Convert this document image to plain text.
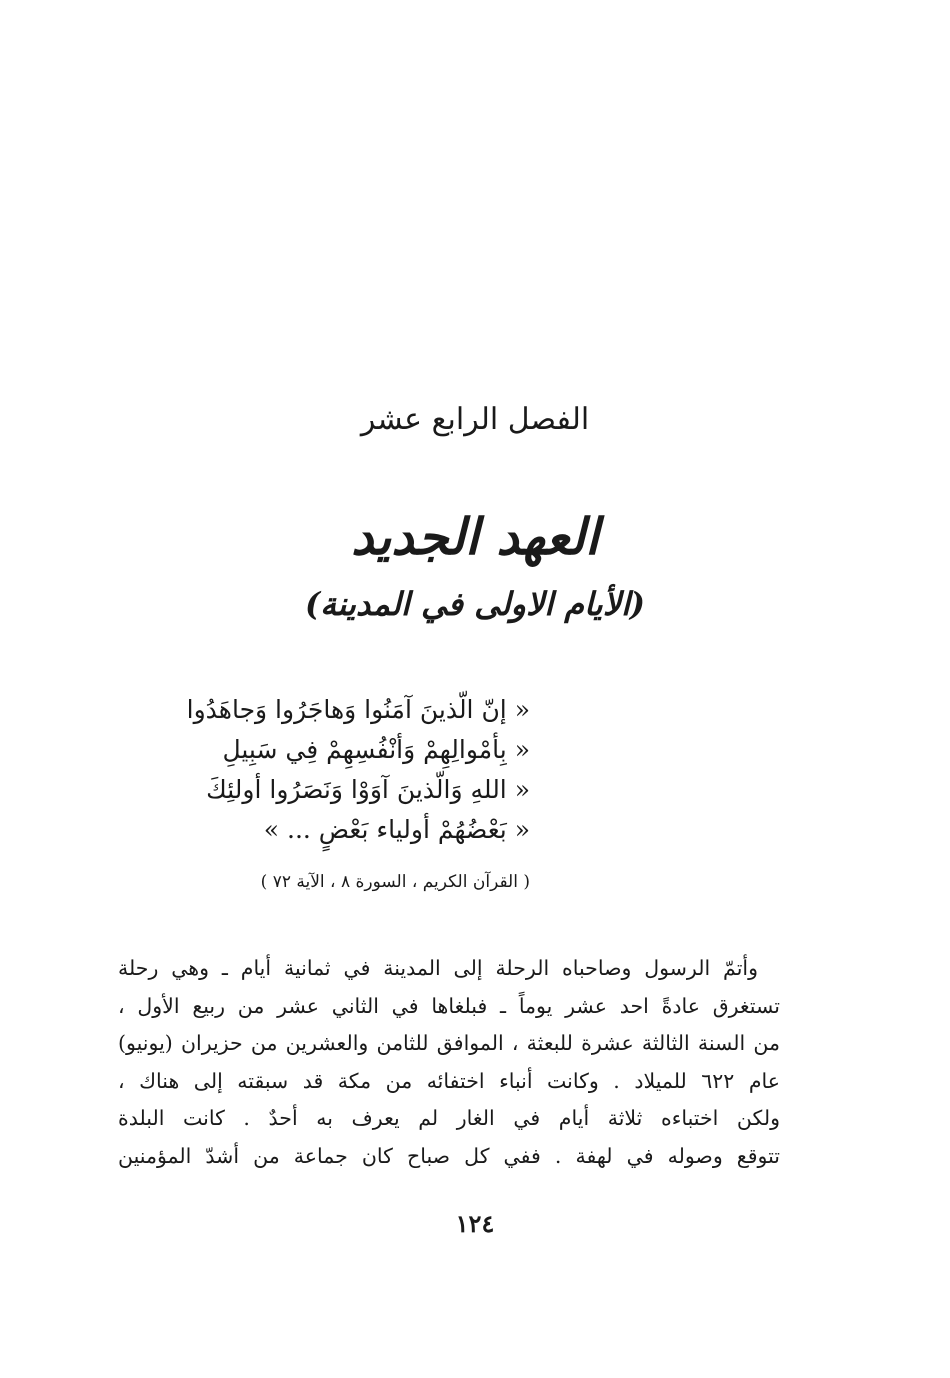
الفصل الرابع عشر
العهد الجديد
(الأيام الاولى في المدينة)
« إنّ الّذينَ آمَنُوا وَهاجَرُوا وَجاهَدُوا
« بِأمْوالِهِمْ وَأنْفُسِهِمْ فِي سَبِيلِ
« اللهِ وَالّذينَ آوَوْا وَنَصَرُوا أولئِكَ
« بَعْضُهُمْ أولياء بَعْضٍ ... »
( القرآن الكريم ، السورة ٨ ، الآية ٧٢ )
وأتمّ الرسول وصاحباه الرحلة إلى المدينة في ثمانية أيام ـ وهي رحلة
تستغرق عادةً احد عشر يوماً ـ فبلغاها في الثاني عشر من ربيع الأول ،
من السنة الثالثة عشرة للبعثة ، الموافق للثامن والعشرين من حزيران (يونيو)
عام ٦٢٢ للميلاد . وكانت أنباء اختفائه من مكة قد سبقته إلى هناك ،
ولكن اختباءه ثلاثة أيام في الغار لم يعرف به أحدٌ . كانت البلدة
تتوقع وصوله في لهفة . ففي كل صباح كان جماعة من أشدّ المؤمنين
١٢٤
